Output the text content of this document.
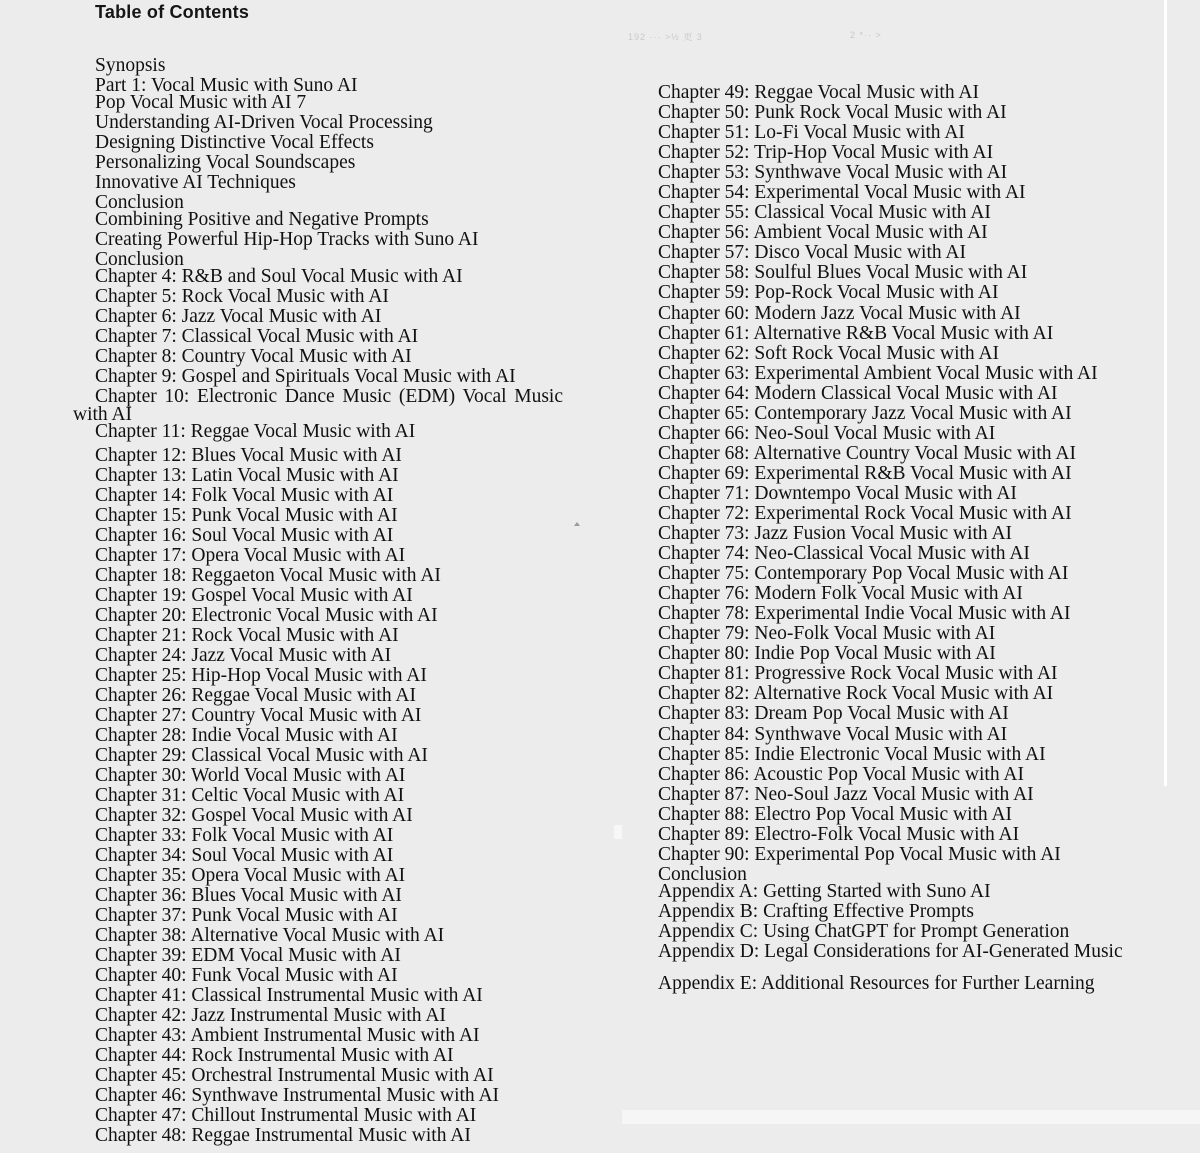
Table of Contents
192 ··· >½ 更 3	2 *·· >
Synopsis
Part 1: Vocal Music with Suno AI
Pop Vocal Music with AI 7
Understanding AI-Driven Vocal Processing
Designing Distinctive Vocal Effects
Personalizing Vocal Soundscapes
Innovative AI Techniques
Conclusion
Combining Positive and Negative Prompts
Creating Powerful Hip-Hop Tracks with Suno AI
Conclusion
Chapter 4: R&B and Soul Vocal Music with AI
Chapter 5: Rock Vocal Music with AI
Chapter 6: Jazz Vocal Music with AI
Chapter 7: Classical Vocal Music with AI
Chapter 8: Country Vocal Music with AI
Chapter 9: Gospel and Spirituals Vocal Music with AI
Chapter 10: Electronic Dance Music (EDM) Vocal Music
with AI
Chapter 11: Reggae Vocal Music with AI
Chapter 12: Blues Vocal Music with AI
Chapter 13: Latin Vocal Music with AI
Chapter 14: Folk Vocal Music with AI
Chapter 15: Punk Vocal Music with AI
Chapter 16: Soul Vocal Music with AI
Chapter 17: Opera Vocal Music with AI
Chapter 18: Reggaeton Vocal Music with AI
Chapter 19: Gospel Vocal Music with AI
Chapter 20: Electronic Vocal Music with AI
Chapter 21: Rock Vocal Music with AI
Chapter 24: Jazz Vocal Music with AI
Chapter 25: Hip-Hop Vocal Music with AI
Chapter 26: Reggae Vocal Music with AI
Chapter 27: Country Vocal Music with AI
Chapter 28: Indie Vocal Music with AI
Chapter 29: Classical Vocal Music with AI
Chapter 30: World Vocal Music with AI
Chapter 31: Celtic Vocal Music with AI
Chapter 32: Gospel Vocal Music with AI
Chapter 33: Folk Vocal Music with AI
Chapter 34: Soul Vocal Music with AI
Chapter 35: Opera Vocal Music with AI
Chapter 36: Blues Vocal Music with AI
Chapter 37: Punk Vocal Music with AI
Chapter 38: Alternative Vocal Music with AI
Chapter 39: EDM Vocal Music with AI
Chapter 40: Funk Vocal Music with AI
Chapter 41: Classical Instrumental Music with AI
Chapter 42: Jazz Instrumental Music with AI
Chapter 43: Ambient Instrumental Music with AI
Chapter 44: Rock Instrumental Music with AI
Chapter 45: Orchestral Instrumental Music with AI
Chapter 46: Synthwave Instrumental Music with AI
Chapter 47: Chillout Instrumental Music with AI
Chapter 48: Reggae Instrumental Music with AI
Chapter 49: Reggae Vocal Music with AI
Chapter 50: Punk Rock Vocal Music with AI
Chapter 51: Lo-Fi Vocal Music with AI
Chapter 52: Trip-Hop Vocal Music with AI
Chapter 53: Synthwave Vocal Music with AI
Chapter 54: Experimental Vocal Music with AI
Chapter 55: Classical Vocal Music with AI
Chapter 56: Ambient Vocal Music with AI
Chapter 57: Disco Vocal Music with AI
Chapter 58: Soulful Blues Vocal Music with AI
Chapter 59: Pop-Rock Vocal Music with AI
Chapter 60: Modern Jazz Vocal Music with AI
Chapter 61: Alternative R&B Vocal Music with AI
Chapter 62: Soft Rock Vocal Music with AI
Chapter 63: Experimental Ambient Vocal Music with AI
Chapter 64: Modern Classical Vocal Music with AI
Chapter 65: Contemporary Jazz Vocal Music with AI
Chapter 66: Neo-Soul Vocal Music with AI
Chapter 68: Alternative Country Vocal Music with AI
Chapter 69: Experimental R&B Vocal Music with AI
Chapter 71: Downtempo Vocal Music with AI
Chapter 72: Experimental Rock Vocal Music with AI
Chapter 73: Jazz Fusion Vocal Music with AI
Chapter 74: Neo-Classical Vocal Music with AI
Chapter 75: Contemporary Pop Vocal Music with AI
Chapter 76: Modern Folk Vocal Music with AI
Chapter 78: Experimental Indie Vocal Music with AI
Chapter 79: Neo-Folk Vocal Music with AI
Chapter 80: Indie Pop Vocal Music with AI
Chapter 81: Progressive Rock Vocal Music with AI
Chapter 82: Alternative Rock Vocal Music with AI
Chapter 83: Dream Pop Vocal Music with AI
Chapter 84: Synthwave Vocal Music with AI
Chapter 85: Indie Electronic Vocal Music with AI
Chapter 86: Acoustic Pop Vocal Music with AI
Chapter 87: Neo-Soul Jazz Vocal Music with AI
Chapter 88: Electro Pop Vocal Music with AI
Chapter 89: Electro-Folk Vocal Music with AI
Chapter 90: Experimental Pop Vocal Music with AI
Conclusion
Appendix A: Getting Started with Suno AI
Appendix B: Crafting Effective Prompts
Appendix C: Using ChatGPT for Prompt Generation
Appendix D: Legal Considerations for AI-Generated Music
Appendix E: Additional Resources for Further Learning
